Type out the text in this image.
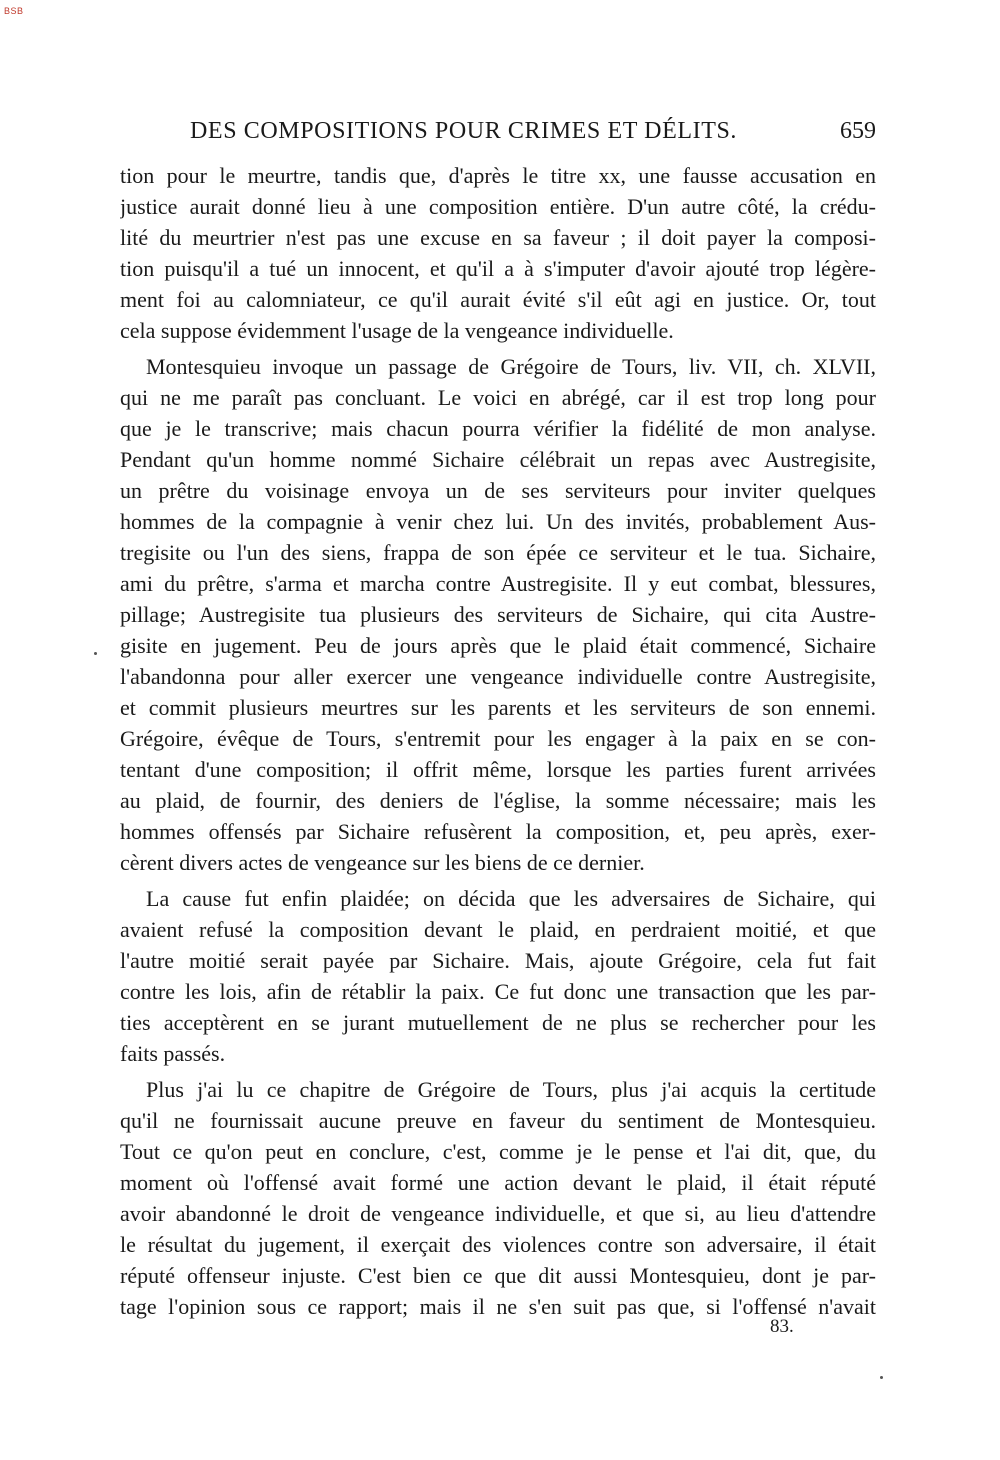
BSB
DES COMPOSITIONS POUR CRIMES ET DÉLITS.	659
tion pour le meurtre, tandis que, d'après le titre xx, une fausse accusation en
justice aurait donné lieu à une composition entière. D'un autre côté, la crédu-
lité du meurtrier n'est pas une excuse en sa faveur ; il doit payer la composi-
tion puisqu'il a tué un innocent, et qu'il a à s'imputer d'avoir ajouté trop légère-
ment foi au calomniateur, ce qu'il aurait évité s'il eût agi en justice. Or, tout
cela suppose évidemment l'usage de la vengeance individuelle.
Montesquieu invoque un passage de Grégoire de Tours, liv. VII, ch. XLVII,
qui ne me paraît pas concluant. Le voici en abrégé, car il est trop long pour
que je le transcrive; mais chacun pourra vérifier la fidélité de mon analyse.
Pendant qu'un homme nommé Sichaire célébrait un repas avec Austregisite,
un prêtre du voisinage envoya un de ses serviteurs pour inviter quelques
hommes de la compagnie à venir chez lui. Un des invités, probablement Aus-
tregisite ou l'un des siens, frappa de son épée ce serviteur et le tua. Sichaire,
ami du prêtre, s'arma et marcha contre Austregisite. Il y eut combat, blessures,
pillage; Austregisite tua plusieurs des serviteurs de Sichaire, qui cita Austre-
gisite en jugement. Peu de jours après que le plaid était commencé, Sichaire
l'abandonna pour aller exercer une vengeance individuelle contre Austregisite,
et commit plusieurs meurtres sur les parents et les serviteurs de son ennemi.
Grégoire, évêque de Tours, s'entremit pour les engager à la paix en se con-
tentant d'une composition; il offrit même, lorsque les parties furent arrivées
au plaid, de fournir, des deniers de l'église, la somme nécessaire; mais les
hommes offensés par Sichaire refusèrent la composition, et, peu après, exer-
cèrent divers actes de vengeance sur les biens de ce dernier.
La cause fut enfin plaidée; on décida que les adversaires de Sichaire, qui
avaient refusé la composition devant le plaid, en perdraient moitié, et que
l'autre moitié serait payée par Sichaire. Mais, ajoute Grégoire, cela fut fait
contre les lois, afin de rétablir la paix. Ce fut donc une transaction que les par-
ties acceptèrent en se jurant mutuellement de ne plus se rechercher pour les
faits passés.
Plus j'ai lu ce chapitre de Grégoire de Tours, plus j'ai acquis la certitude
qu'il ne fournissait aucune preuve en faveur du sentiment de Montesquieu.
Tout ce qu'on peut en conclure, c'est, comme je le pense et l'ai dit, que, du
moment où l'offensé avait formé une action devant le plaid, il était réputé
avoir abandonné le droit de vengeance individuelle, et que si, au lieu d'attendre
le résultat du jugement, il exerçait des violences contre son adversaire, il était
réputé offenseur injuste. C'est bien ce que dit aussi Montesquieu, dont je par-
tage l'opinion sous ce rapport; mais il ne s'en suit pas que, si l'offensé n'avait
83.
